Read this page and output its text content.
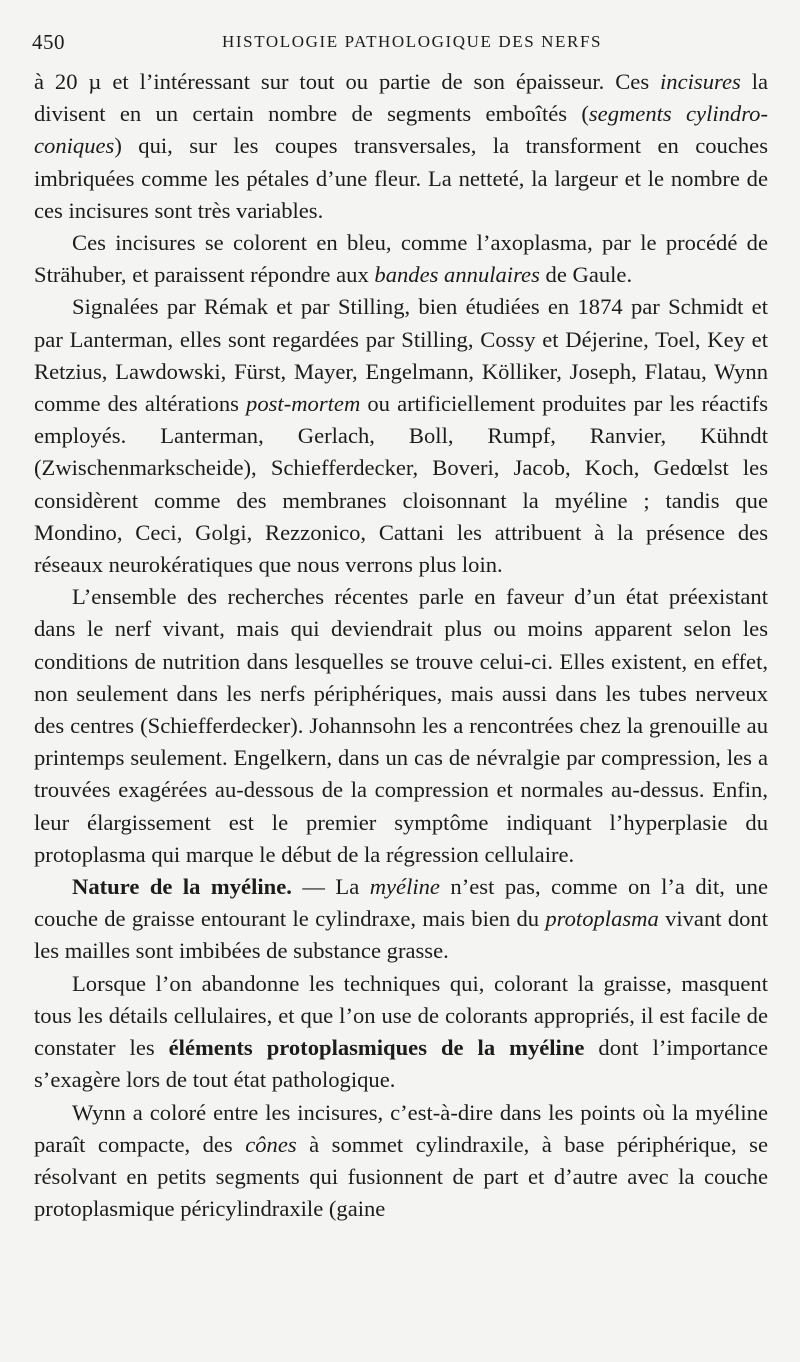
450	HISTOLOGIE PATHOLOGIQUE DES NERFS

à 20 µ et l’intéressant sur tout ou partie de son épaisseur. Ces incisures la divisent en un certain nombre de segments emboîtés (segments cylindro-coniques) qui, sur les coupes transversales, la transforment en couches imbriquées comme les pétales d’une fleur. La netteté, la largeur et le nombre de ces incisures sont très variables.

Ces incisures se colorent en bleu, comme l’axoplasma, par le procédé de Strähuber, et paraissent répondre aux bandes annulaires de Gaule.

Signalées par Rémak et par Stilling, bien étudiées en 1874 par Schmidt et par Lanterman, elles sont regardées par Stilling, Cossy et Déjerine, Toel, Key et Retzius, Lawdowski, Fürst, Mayer, Engelmann, Kölliker, Joseph, Flatau, Wynn comme des altérations post-mortem ou artificiellement produites par les réactifs employés. Lanterman, Gerlach, Boll, Rumpf, Ranvier, Kühndt (Zwischenmarkscheide), Schiefferdecker, Boveri, Jacob, Koch, Gedœlst les considèrent comme des membranes cloisonnant la myéline ; tandis que Mondino, Ceci, Golgi, Rezzonico, Cattani les attribuent à la présence des réseaux neurokératiques que nous verrons plus loin.

L’ensemble des recherches récentes parle en faveur d’un état préexistant dans le nerf vivant, mais qui deviendrait plus ou moins apparent selon les conditions de nutrition dans lesquelles se trouve celui-ci. Elles existent, en effet, non seulement dans les nerfs périphériques, mais aussi dans les tubes nerveux des centres (Schiefferdecker). Johannsohn les a rencontrées chez la grenouille au printemps seulement. Engelkern, dans un cas de névralgie par compression, les a trouvées exagérées au-dessous de la compression et normales au-dessus. Enfin, leur élargissement est le premier symptôme indiquant l’hyperplasie du protoplasma qui marque le début de la régression cellulaire.

Nature de la myéline. — La myéline n’est pas, comme on l’a dit, une couche de graisse entourant le cylindraxe, mais bien du protoplasma vivant dont les mailles sont imbibées de substance grasse.

Lorsque l’on abandonne les techniques qui, colorant la graisse, masquent tous les détails cellulaires, et que l’on use de colorants appropriés, il est facile de constater les éléments protoplasmiques de la myéline dont l’importance s’exagère lors de tout état pathologique.

Wynn a coloré entre les incisures, c’est-à-dire dans les points où la myéline paraît compacte, des cônes à sommet cylindraxile, à base périphérique, se résolvant en petits segments qui fusionnent de part et d’autre avec la couche protoplasmique péricylindraxile (gaine
